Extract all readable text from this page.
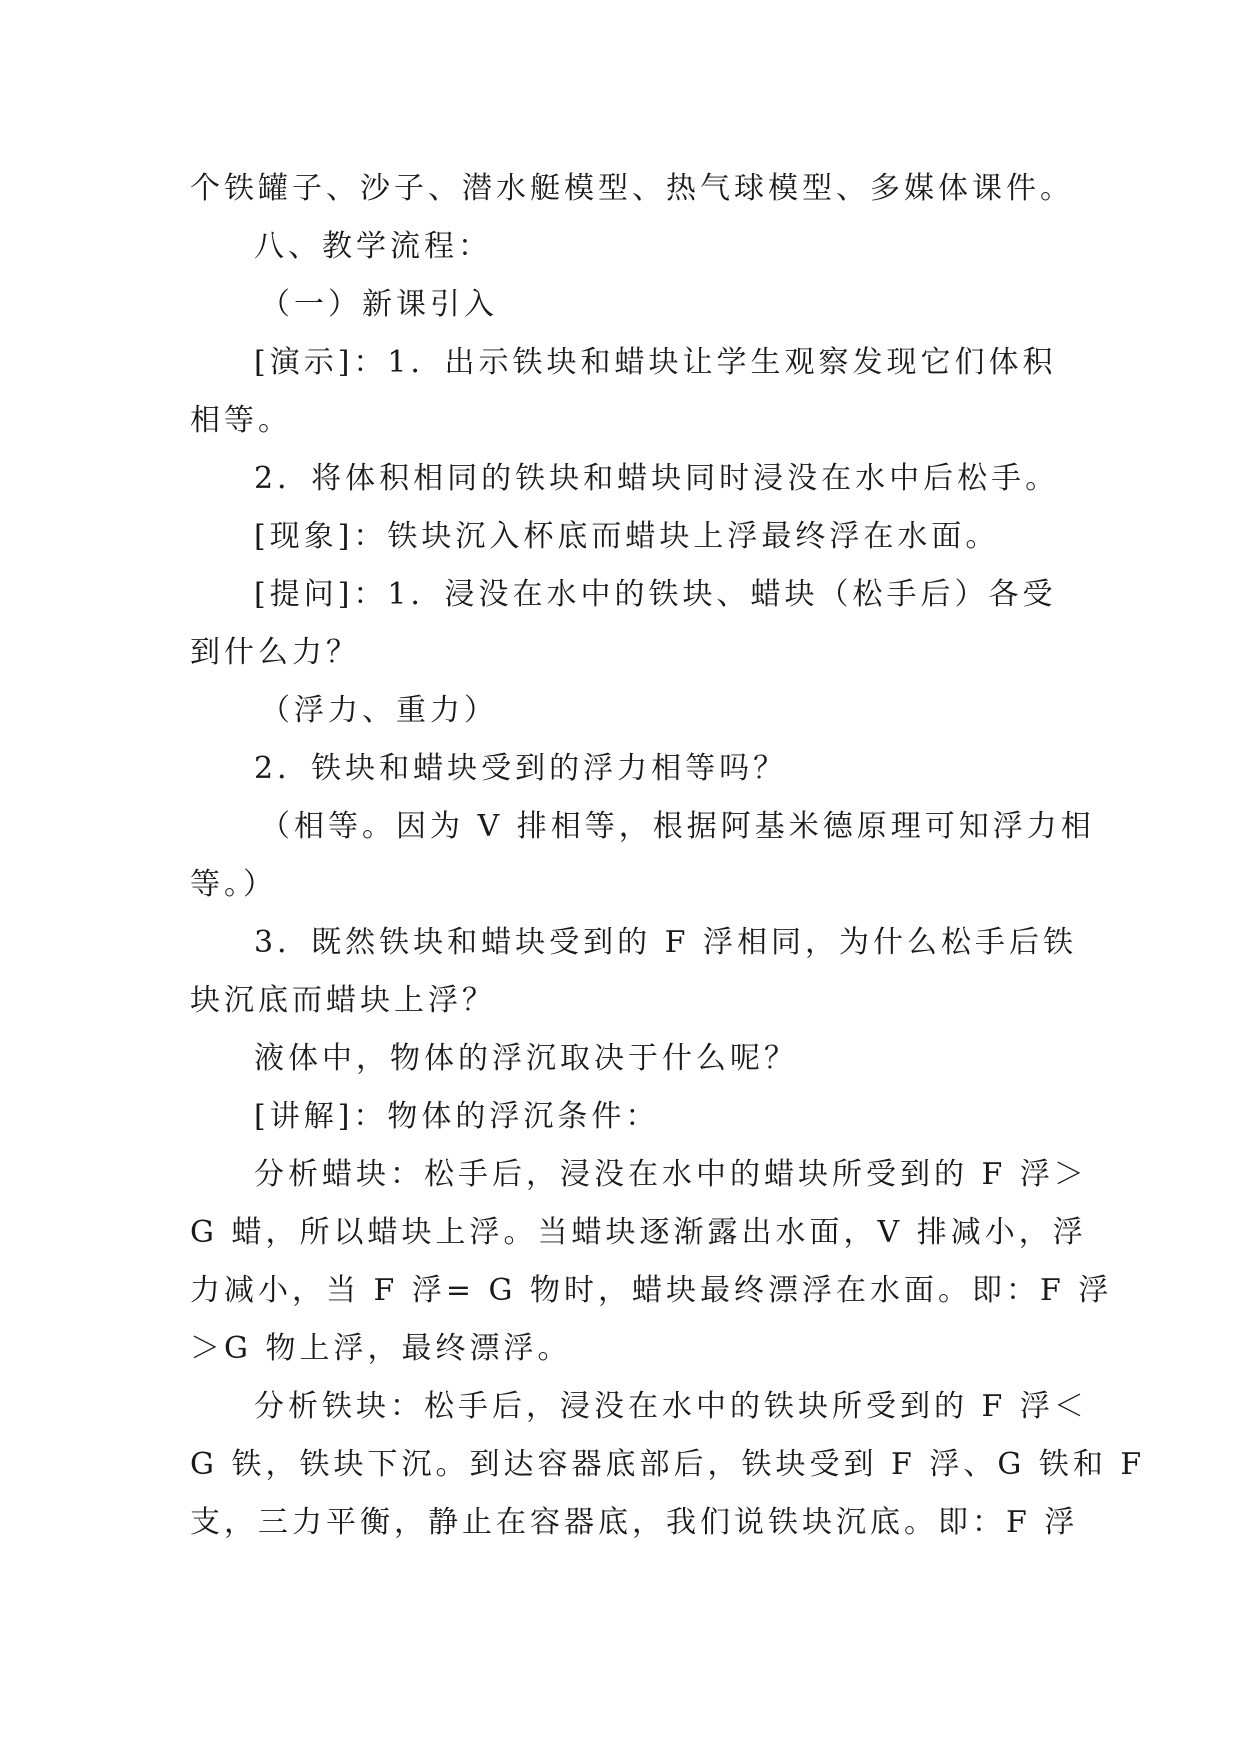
个铁罐子、沙子、潜水艇模型、热气球模型、多媒体课件。

八、教学流程：

（一）新课引入

[演示]：1．出示铁块和蜡块让学生观察发现它们体积

相等。

2．将体积相同的铁块和蜡块同时浸没在水中后松手。

[现象]：铁块沉入杯底而蜡块上浮最终浮在水面。

[提问]：1．浸没在水中的铁块、蜡块（松手后）各受

到什么力？

（浮力、重力）

2．铁块和蜡块受到的浮力相等吗？

（相等。因为 V 排相等，根据阿基米德原理可知浮力相

等。）

3．既然铁块和蜡块受到的 F 浮相同，为什么松手后铁

块沉底而蜡块上浮？

液体中，物体的浮沉取决于什么呢？

[讲解]：物体的浮沉条件：

分析蜡块：松手后，浸没在水中的蜡块所受到的 F 浮＞

G 蜡，所以蜡块上浮。当蜡块逐渐露出水面，V 排减小，浮

力减小，当 F 浮= G 物时，蜡块最终漂浮在水面。即：F 浮

＞G 物上浮，最终漂浮。

分析铁块：松手后，浸没在水中的铁块所受到的 F 浮＜

G 铁，铁块下沉。到达容器底部后，铁块受到 F 浮、G 铁和 F

支，三力平衡，静止在容器底，我们说铁块沉底。即：F 浮
